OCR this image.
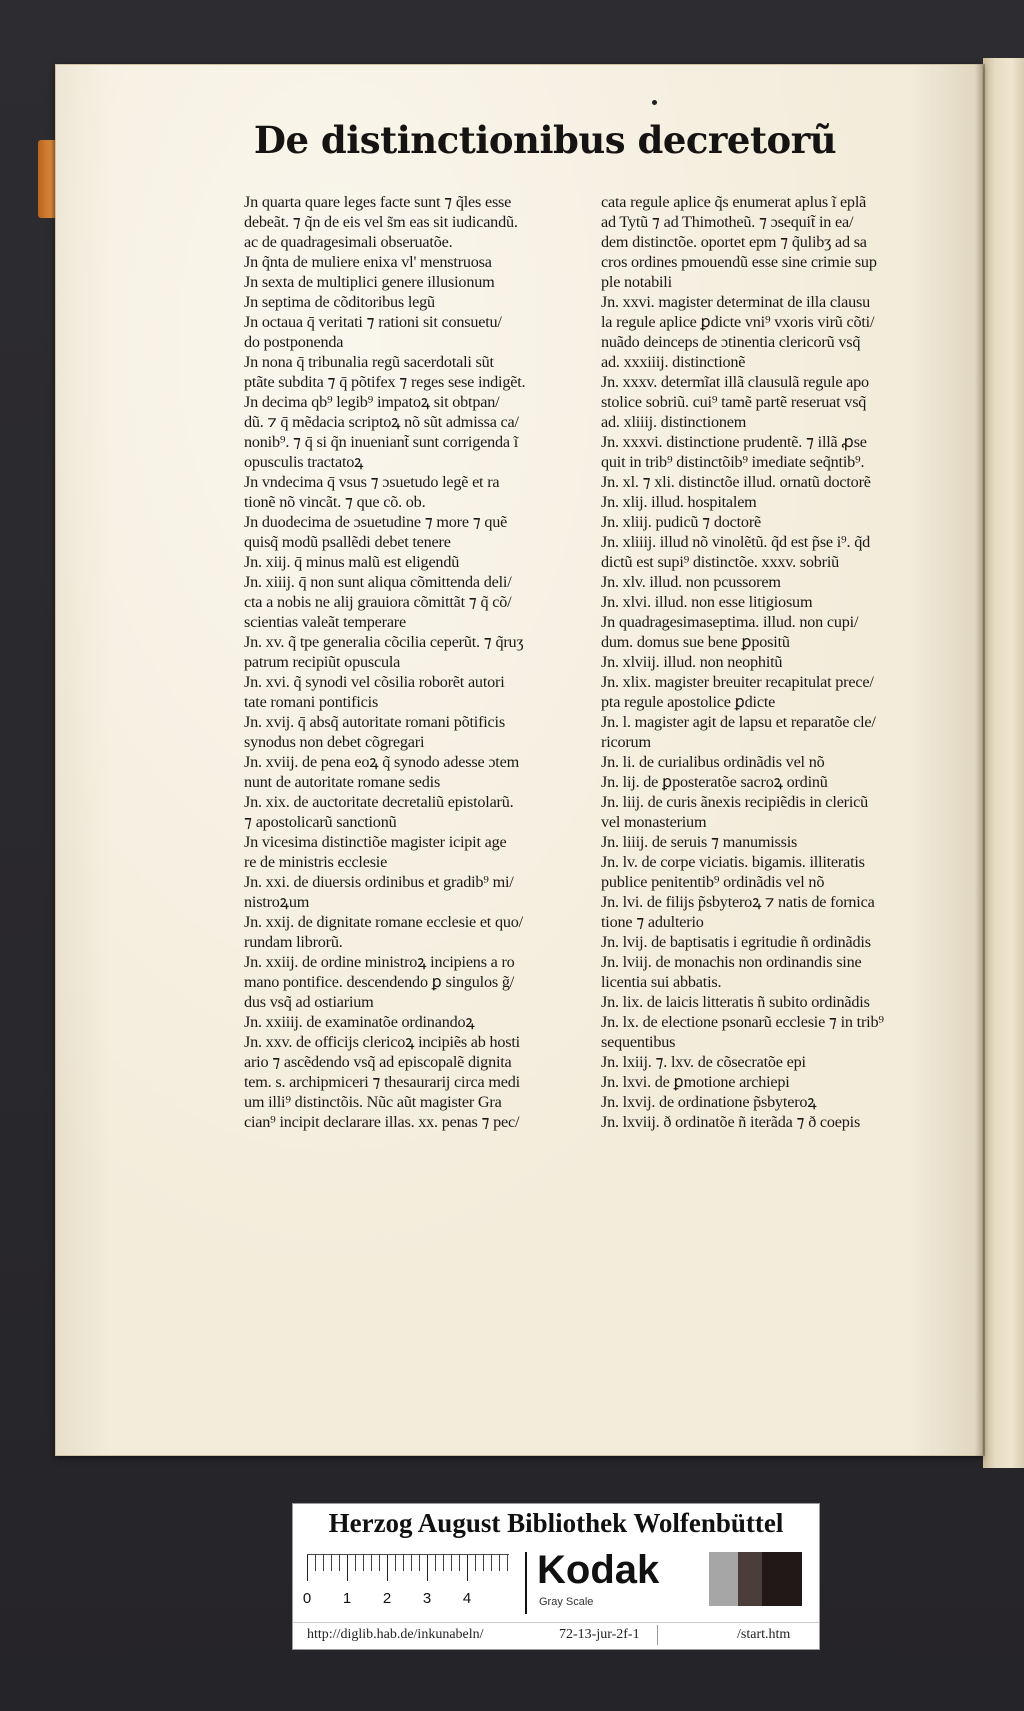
De distinctionibus decretorũ
Jn quarta quare leges facte sunt ⁊ q̃les esse
debeãt. ⁊ q̃n de eis vel s̃m eas sit iudicandũ.
ac de quadragesimali obseruatõe.
Jn q̃nta de muliere enixa vl' menstruosa
Jn sexta de multiplici genere illusionum
Jn septima de cõditoribus legũ
Jn octaua q̄ veritati ⁊ rationi sit consuetu/
do postponenda
Jn nona q̄ tribunalia regũ sacerdotali sũt
ptãte subdita ⁊ q̄ põtifex ⁊ reges sese indigẽt.
Jn decima qb⁹ legib⁹ impatoꝝ sit obtpan/
dũ. ⁊ q̄ mẽdacia scriptoꝝ nõ sũt admissa ca/
nonib⁹. ⁊ q̄ si q̃n inueniant̃ sunt corrigenda ĩ
opusculis tractatoꝝ
Jn vndecima q̄ vsus ⁊ ɔsuetudo legẽ et ra
tionẽ nõ vincãt. ⁊ que cõ. ob.
Jn duodecima de ɔsuetudine ⁊ more ⁊ quẽ
quisq̃ modũ psallẽdi debet tenere
Jn. xiij. q̄ minus malũ est eligendũ
Jn. xiiij. q̄ non sunt aliqua cõmittenda deli/
cta a nobis ne alij grauiora cõmittãt ⁊ q̃ cõ/
scientias valeãt temperare
Jn. xv. q̃ tpe generalia cõcilia ceperũt. ⁊ q̃ruʒ
patrum recipiũt opuscula
Jn. xvi. q̃ synodi vel cõsilia roborẽt autori
tate romani pontificis
Jn. xvij. q̄ absq̃ autoritate romani põtificis
synodus non debet cõgregari
Jn. xviij. de pena eoꝝ q̃ synodo adesse ɔtem
nunt de autoritate romane sedis
Jn. xix. de auctoritate decretaliũ epistolarũ.
⁊ apostolicarũ sanctionũ
Jn vicesima distinctiõe magister icipit age
re de ministris ecclesie
Jn. xxi. de diuersis ordinibus et gradib⁹ mi/
nistroꝝum
Jn. xxij. de dignitate romane ecclesie et quo/
rundam librorũ.
Jn. xxiij. de ordine ministroꝝ incipiens a ro
mano pontifice. descendendo ꝑ singulos g̃/
dus vsq̃ ad ostiarium
Jn. xxiiij. de examinatõe ordinandoꝝ
Jn. xxv. de officijs clericoꝝ incipiẽs ab hosti
ario ⁊ ascẽdendo vsq̃ ad episcopalẽ dignita
tem. s. archipmiceri ⁊ thesaurarij circa medi
um illi⁹ distinctõis. Nũc aũt magister Gra
cian⁹ incipit declarare illas. xx. penas ⁊ pec/
cata regule aplice q̃s enumerat aplus ĩ eplã
ad Tytũ ⁊ ad Thimotheũ. ⁊ ɔsequit̃ in ea/
dem distinctõe. oportet epm ⁊ q̃ulibʒ ad sa
cros ordines pmouendũ esse sine crimie sup
ple notabili
Jn. xxvi. magister determinat de illa clausu
la regule aplice ꝑdicte vni⁹ vxoris virũ cõti/
nuãdo deinceps de ɔtinentia clericorũ vsq̃
ad. xxxiiij. distinctionẽ
Jn. xxxv. determĩat illã clausulã regule apo
stolice sobriũ. cui⁹ tamẽ partẽ reseruat vsq̃
ad. xliiij. distinctionem
Jn. xxxvi. distinctione prudentẽ. ⁊ illã ꝓse
quit in trib⁹ distinctõib⁹ imediate seq̃ntib⁹.
Jn. xl. ⁊ xli. distinctõe illud. ornatũ doctorẽ
Jn. xlij. illud. hospitalem
Jn. xliij. pudicũ ⁊ doctorẽ
Jn. xliiij. illud nõ vinolẽtũ. q̃d est p̃se i⁹. q̃d
dictũ est supi⁹ distinctõe. xxxv. sobriũ
Jn. xlv. illud. non pcussorem
Jn. xlvi. illud. non esse litigiosum
Jn quadragesimaseptima. illud. non cupi/
dum. domus sue bene ꝑpositũ
Jn. xlviij. illud. non neophitũ
Jn. xlix. magister breuiter recapitulat prece/
pta regule apostolice ꝑdicte
Jn. l. magister agit de lapsu et reparatõe cle/
ricorum
Jn. li. de curialibus ordinãdis vel nõ
Jn. lij. de ꝑposteratõe sacroꝝ ordinũ
Jn. liij. de curis ãnexis recipiẽdis in clericũ
vel monasterium
Jn. liiij. de seruis ⁊ manumissis
Jn. lv. de corpe viciatis. bigamis. illiteratis
publice penitentib⁹ ordinãdis vel nõ
Jn. lvi. de filijs p̃sbyteroꝝ ⁊ natis de fornica
tione ⁊ adulterio
Jn. lvij. de baptisatis i egritudie ñ ordinãdis
Jn. lviij. de monachis non ordinandis sine
licentia sui abbatis.
Jn. lix. de laicis litteratis ñ subito ordinãdis
Jn. lx. de electione psonarũ ecclesie ⁊ in trib⁹
sequentibus
Jn. lxiij. ⁊. lxv. de cõsecratõe epi
Jn. lxvi. de ꝑmotione archiepi
Jn. lxvij. de ordinatione p̃sbyteroꝝ
Jn. lxviij. ð ordinatõe ñ iterãda ⁊ ð coepis
Herzog August Bibliothek Wolfenbüttel
0	1	2	3	4
Kodak
Gray Scale
http://diglib.hab.de/inkunabeln/	72-13-jur-2f-1	/start.htm
